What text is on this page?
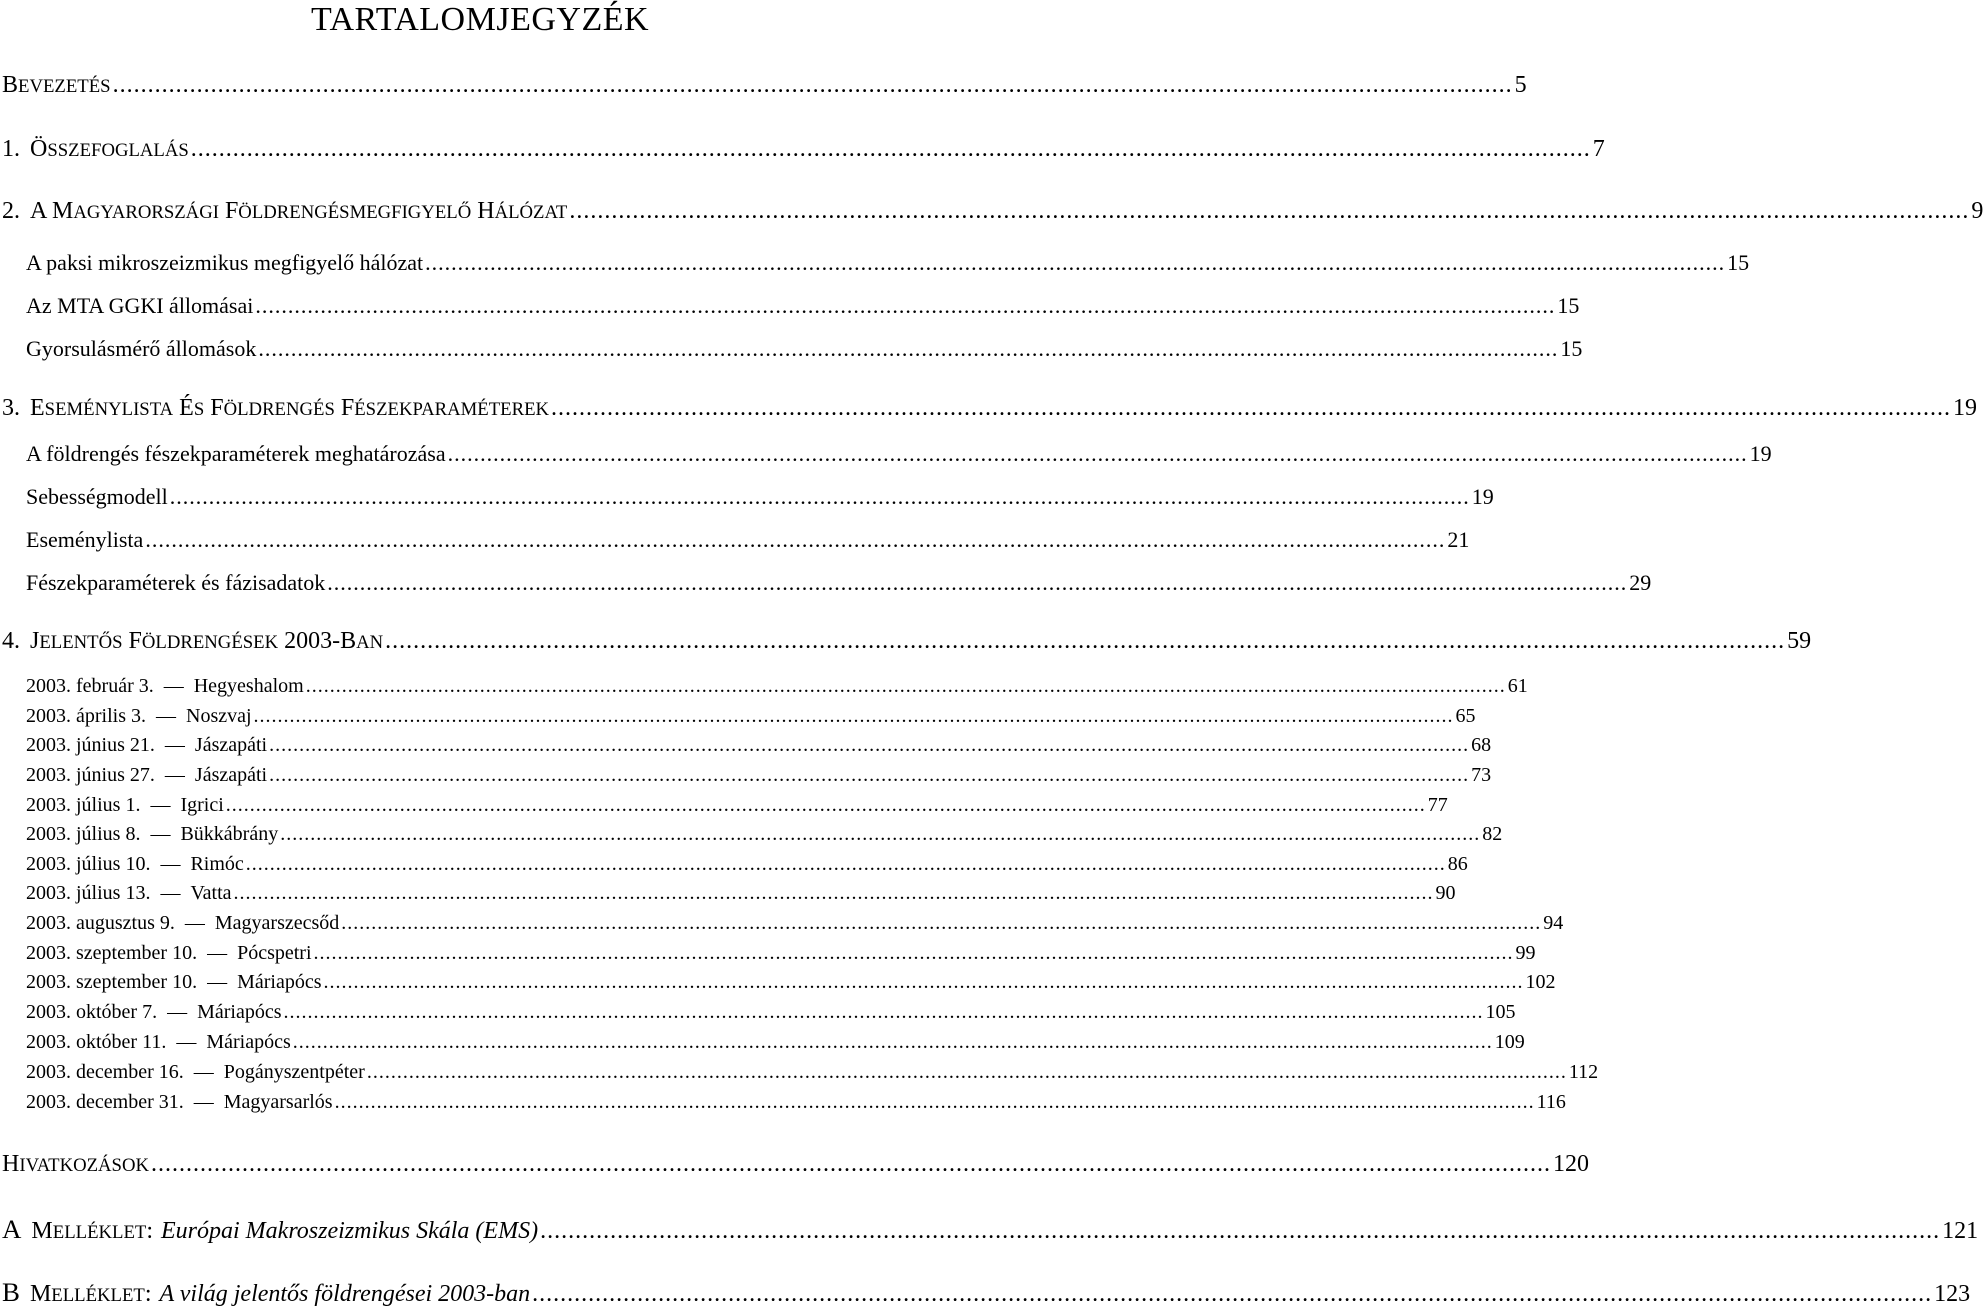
TARTALOMJEGYZÉK
BEVEZETÉS ........................................................................................................................................................................................................ 5
1. ÖSSZEFOGLALÁS ........................................................................................................................................................................................................ 7
2. A MAGYARORSZÁGI FÖLDRENGÉSMEGFIGYELŐ HÁLÓZAT ........................................................................................................................................................................................................ 9
A paksi mikroszeizmikus megfigyelő hálózat ........................................................................................................................................................................................................ 15
Az MTA GGKI állomásai ........................................................................................................................................................................................................ 15
Gyorsulásmérő állomások ........................................................................................................................................................................................................ 15
3. ESEMÉNYLISTA ÉS FÖLDRENGÉS FÉSZEKPARAMÉTEREK ........................................................................................................................................................................................................ 19
A földrengés fészekparaméterek meghatározása ........................................................................................................................................................................................................ 19
Sebességmodell ........................................................................................................................................................................................................ 19
Eseménylista ........................................................................................................................................................................................................ 21
Fészekparaméterek és fázisadatok ........................................................................................................................................................................................................ 29
4. JELENTŐS FÖLDRENGÉSEK 2003-BAN ........................................................................................................................................................................................................ 59
2003. február 3. — Hegyeshalom ........................................................................................................................................................................................................ 61
2003. április 3. — Noszvaj ........................................................................................................................................................................................................ 65
2003. június 21. — Jászapáti ........................................................................................................................................................................................................ 68
2003. június 27. — Jászapáti ........................................................................................................................................................................................................ 73
2003. július 1. — Igrici ........................................................................................................................................................................................................ 77
2003. július 8. — Bükkábrány ........................................................................................................................................................................................................ 82
2003. július 10. — Rimóc ........................................................................................................................................................................................................ 86
2003. július 13. — Vatta ........................................................................................................................................................................................................ 90
2003. augusztus 9. — Magyarszecsőd ........................................................................................................................................................................................................ 94
2003. szeptember 10. — Pócspetri ........................................................................................................................................................................................................ 99
2003. szeptember 10. — Máriapócs ........................................................................................................................................................................................................ 102
2003. október 7. — Máriapócs ........................................................................................................................................................................................................ 105
2003. október 11. — Máriapócs ........................................................................................................................................................................................................ 109
2003. december 16. — Pogányszentpéter ........................................................................................................................................................................................................ 112
2003. december 31. — Magyarsarlós ........................................................................................................................................................................................................ 116
HIVATKOZÁSOK ........................................................................................................................................................................................................ 120
A MELLÉKLET: Európai Makroszeizmikus Skála (EMS) ........................................................................................................................................................................................................ 121
B MELLÉKLET: A világ jelentős földrengései 2003-ban ........................................................................................................................................................................................................ 123
